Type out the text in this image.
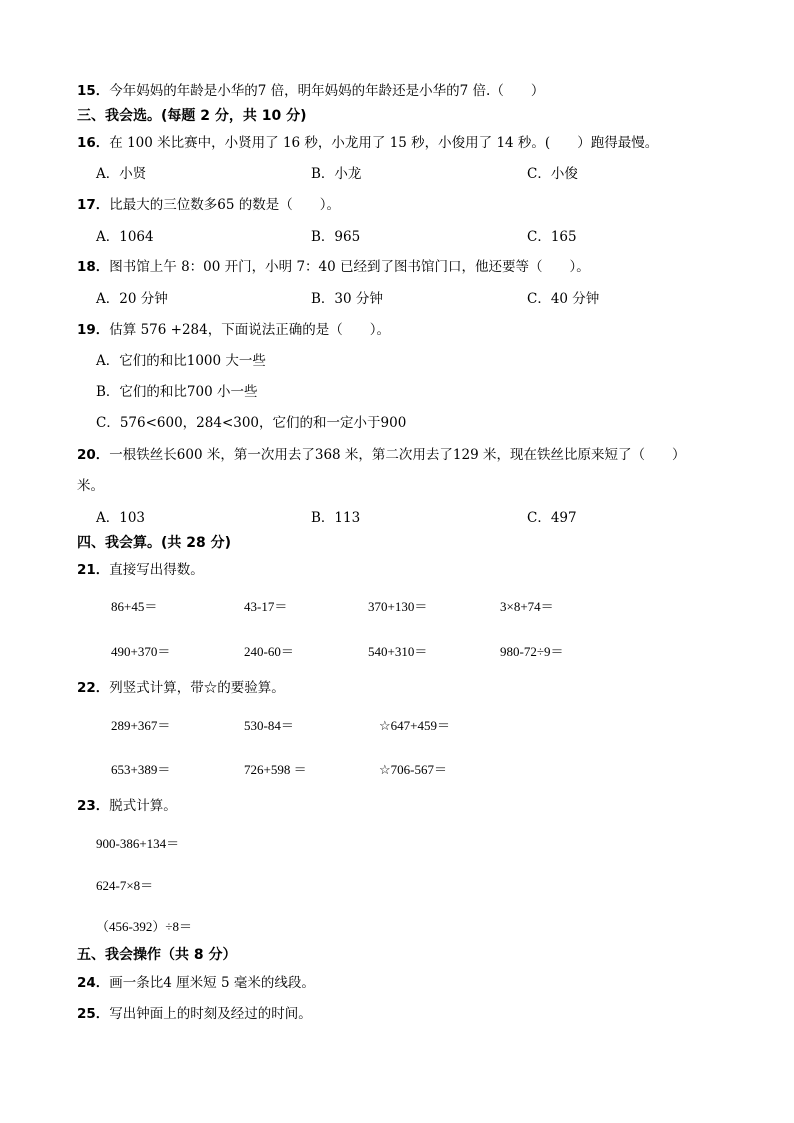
15．今年妈妈的年龄是小华的7 倍，明年妈妈的年龄还是小华的7 倍.（　　）
三、我会选。(每题 2 分，共 10 分)
16．在 100 米比赛中，小贤用了 16 秒，小龙用了 15 秒，小俊用了 14 秒。(　　）跑得最慢。
A．小贤	B．小龙	C．小俊
17．比最大的三位数多65 的数是（　　）。
A．1064	B．965	C．165
18．图书馆上午 8：00 开门，小明 7：40 已经到了图书馆门口，他还要等（　　）。
A．20 分钟	B．30 分钟	C．40 分钟
19．估算 576 +284，下面说法正确的是（　　）。
A．它们的和比1000 大一些
B．它们的和比700 小一些
C．576<600，284<300，它们的和一定小于900
20．一根铁丝长600 米，第一次用去了368 米，第二次用去了129 米，现在铁丝比原来短了（　　）
米。
A．103	B．113	C．497
四、我会算。(共 28 分)
21．直接写出得数。
86+45＝	43-17＝	370+130＝	3×8+74＝
490+370＝	240-60＝	540+310＝	980-72÷9＝
22．列竖式计算，带☆的要验算。
289+367＝	530-84＝	☆647+459＝
653+389＝	726+598 ＝	☆706-567＝
23．脱式计算。
900-386+134＝
624-7×8＝
（456-392）÷8＝
五、我会操作（共 8 分）
24．画一条比4 厘米短 5 毫米的线段。
25．写出钟面上的时刻及经过的时间。
